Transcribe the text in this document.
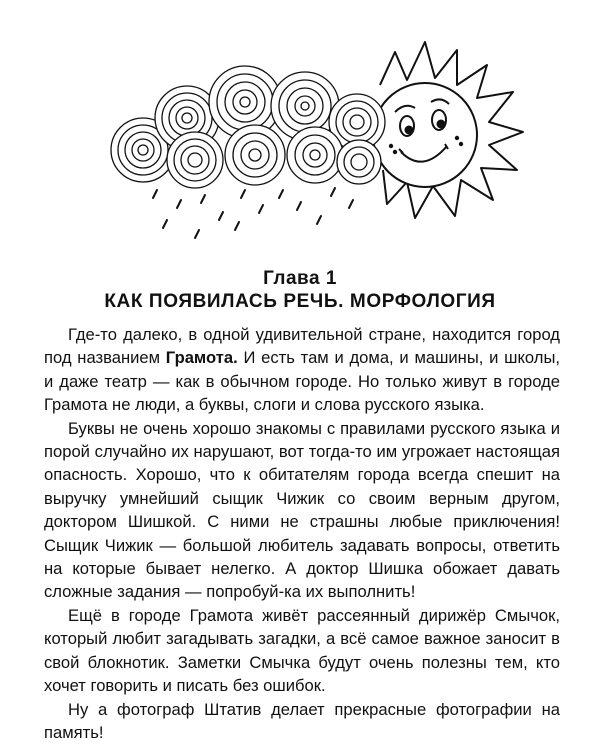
Глава 1
КАК ПОЯВИЛАСЬ РЕЧЬ. МОРФОЛОГИЯ

Где-то далеко, в одной удивительной стране, находится город под названием Грамота. И есть там и дома, и машины, и школы, и даже театр — как в обычном городе. Но только живут в городе Грамота не люди, а буквы, слоги и слова русского языка.

Буквы не очень хорошо знакомы с правилами русского языка и порой случайно их нарушают, вот тогда-то им угрожает настоящая опасность. Хорошо, что к обитателям города всегда спешит на выручку умнейший сыщик Чижик со своим верным другом, доктором Шишкой. С ними не страшны любые приключения! Сыщик Чижик — большой любитель задавать вопросы, ответить на которые бывает нелегко. А доктор Шишка обожает давать сложные задания — попробуй-ка их выполнить!

Ещё в городе Грамота живёт рассеянный дирижёр Смычок, который любит загадывать загадки, а всё самое важное заносит в свой блокнотик. Заметки Смычка будут очень полезны тем, кто хочет говорить и писать без ошибок.

Ну а фотограф Штатив делает прекрасные фотографии на память!
